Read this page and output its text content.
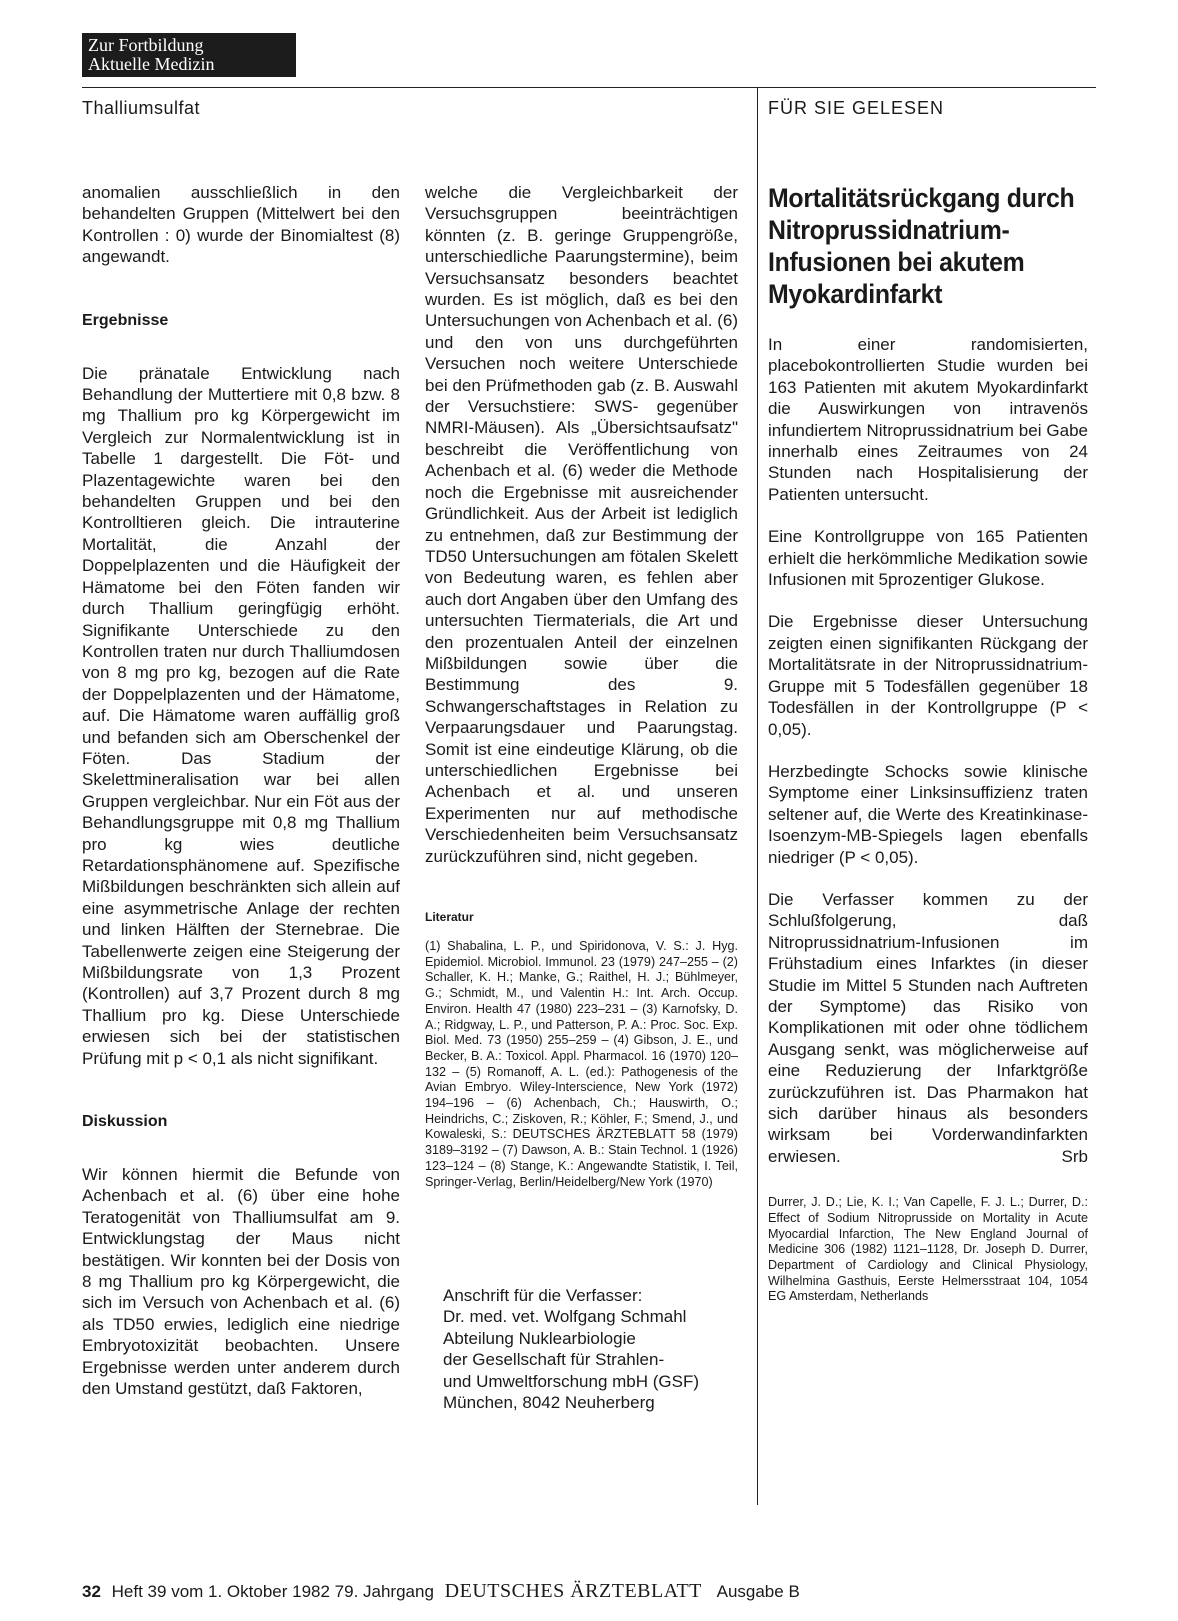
Zur Fortbildung
Aktuelle Medizin
Thalliumsulfat	FÜR SIE GELESEN

anomalien ausschließlich in den behandelten Gruppen (Mittelwert bei den Kontrollen : 0) wurde der Binomialtest (8) angewandt.

Ergebnisse

Die pränatale Entwicklung nach Behandlung der Muttertiere mit 0,8 bzw. 8 mg Thallium pro kg Körpergewicht im Vergleich zur Normalentwicklung ist in Tabelle 1 dargestellt. Die Föt- und Plazentagewichte waren bei den behandelten Gruppen und bei den Kontrolltieren gleich. Die intrauterine Mortalität, die Anzahl der Doppelplazenten und die Häufigkeit der Hämatome bei den Föten fanden wir durch Thallium geringfügig erhöht. Signifikante Unterschiede zu den Kontrollen traten nur durch Thalliumdosen von 8 mg pro kg, bezogen auf die Rate der Doppelplazenten und der Hämatome, auf. Die Hämatome waren auffällig groß und befanden sich am Oberschenkel der Föten. Das Stadium der Skelettmineralisation war bei allen Gruppen vergleichbar. Nur ein Föt aus der Behandlungsgruppe mit 0,8 mg Thallium pro kg wies deutliche Retardationsphänomene auf. Spezifische Mißbildungen beschränkten sich allein auf eine asymmetrische Anlage der rechten und linken Hälften der Sternebrae. Die Tabellenwerte zeigen eine Steigerung der Mißbildungsrate von 1,3 Prozent (Kontrollen) auf 3,7 Prozent durch 8 mg Thallium pro kg. Diese Unterschiede erwiesen sich bei der statistischen Prüfung mit p < 0,1 als nicht signifikant.

Diskussion

Wir können hiermit die Befunde von Achenbach et al. (6) über eine hohe Teratogenität von Thalliumsulfat am 9. Entwicklungstag der Maus nicht bestätigen. Wir konnten bei der Dosis von 8 mg Thallium pro kg Körpergewicht, die sich im Versuch von Achenbach et al. (6) als TD50 erwies, lediglich eine niedrige Embryotoxizität beobachten. Unsere Ergebnisse werden unter anderem durch den Umstand gestützt, daß Faktoren,

welche die Vergleichbarkeit der Versuchsgruppen beeinträchtigen könnten (z. B. geringe Gruppengröße, unterschiedliche Paarungstermine), beim Versuchsansatz besonders beachtet wurden. Es ist möglich, daß es bei den Untersuchungen von Achenbach et al. (6) und den von uns durchgeführten Versuchen noch weitere Unterschiede bei den Prüfmethoden gab (z. B. Auswahl der Versuchstiere: SWS- gegenüber NMRI-Mäusen). Als „Übersichtsaufsatz" beschreibt die Veröffentlichung von Achenbach et al. (6) weder die Methode noch die Ergebnisse mit ausreichender Gründlichkeit. Aus der Arbeit ist lediglich zu entnehmen, daß zur Bestimmung der TD50 Untersuchungen am fötalen Skelett von Bedeutung waren, es fehlen aber auch dort Angaben über den Umfang des untersuchten Tiermaterials, die Art und den prozentualen Anteil der einzelnen Mißbildungen sowie über die Bestimmung des 9. Schwangerschaftstages in Relation zu Verpaarungsdauer und Paarungstag. Somit ist eine eindeutige Klärung, ob die unterschiedlichen Ergebnisse bei Achenbach et al. und unseren Experimenten nur auf methodische Verschiedenheiten beim Versuchsansatz zurückzuführen sind, nicht gegeben.

Literatur

(1) Shabalina, L. P., und Spiridonova, V. S.: J. Hyg. Epidemiol. Microbiol. Immunol. 23 (1979) 247–255 – (2) Schaller, K. H.; Manke, G.; Raithel, H. J.; Bühlmeyer, G.; Schmidt, M., und Valentin H.: Int. Arch. Occup. Environ. Health 47 (1980) 223–231 – (3) Karnofsky, D. A.; Ridgway, L. P., und Patterson, P. A.: Proc. Soc. Exp. Biol. Med. 73 (1950) 255–259 – (4) Gibson, J. E., und Becker, B. A.: Toxicol. Appl. Pharmacol. 16 (1970) 120–132 – (5) Romanoff, A. L. (ed.): Pathogenesis of the Avian Embryo. Wiley-Interscience, New York (1972) 194–196 – (6) Achenbach, Ch.; Hauswirth, O.; Heindrichs, C.; Ziskoven, R.; Köhler, F.; Smend, J., und Kowaleski, S.: DEUTSCHES ÄRZTEBLATT 58 (1979) 3189–3192 – (7) Dawson, A. B.: Stain Technol. 1 (1926) 123–124 – (8) Stange, K.: Angewandte Statistik, I. Teil, Springer-Verlag, Berlin/Heidelberg/New York (1970)

Anschrift für die Verfasser:

Dr. med. vet. Wolfgang Schmahl

Abteilung Nuklearbiologie

der Gesellschaft für Strahlen-

und Umweltforschung mbH (GSF)

München, 8042 Neuherberg

Mortalitätsrückgang durch Nitroprussidnatrium-Infusionen bei akutem Myokardinfarkt

In einer randomisierten, placebokontrollierten Studie wurden bei 163 Patienten mit akutem Myokardinfarkt die Auswirkungen von intravenös infundiertem Nitroprussidnatrium bei Gabe innerhalb eines Zeitraumes von 24 Stunden nach Hospitalisierung der Patienten untersucht.

Eine Kontrollgruppe von 165 Patienten erhielt die herkömmliche Medikation sowie Infusionen mit 5prozentiger Glukose.

Die Ergebnisse dieser Untersuchung zeigten einen signifikanten Rückgang der Mortalitätsrate in der Nitroprussidnatrium-Gruppe mit 5 Todesfällen gegenüber 18 Todesfällen in der Kontrollgruppe (P < 0,05).

Herzbedingte Schocks sowie klinische Symptome einer Linksinsuffizienz traten seltener auf, die Werte des Kreatinkinase-Isoenzym-MB-Spiegels lagen ebenfalls niedriger (P < 0,05).

Die Verfasser kommen zu der Schlußfolgerung, daß Nitroprussidnatrium-Infusionen im Frühstadium eines Infarktes (in dieser Studie im Mittel 5 Stunden nach Auftreten der Symptome) das Risiko von Komplikationen mit oder ohne tödlichem Ausgang senkt, was möglicherweise auf eine Reduzierung der Infarktgröße zurückzuführen ist. Das Pharmakon hat sich darüber hinaus als besonders wirksam bei Vorderwandinfarkten erwiesen.	Srb

Durrer, J. D.; Lie, K. I.; Van Capelle, F. J. L.; Durrer, D.: Effect of Sodium Nitroprusside on Mortality in Acute Myocardial Infarction, The New England Journal of Medicine 306 (1982) 1121–1128, Dr. Joseph D. Durrer, Department of Cardiology and Clinical Physiology, Wilhelmina Gasthuis, Eerste Helmersstraat 104, 1054 EG Amsterdam, Netherlands

32 Heft 39 vom 1. Oktober 1982 79. Jahrgang DEUTSCHES ÄRZTEBLATT Ausgabe B
